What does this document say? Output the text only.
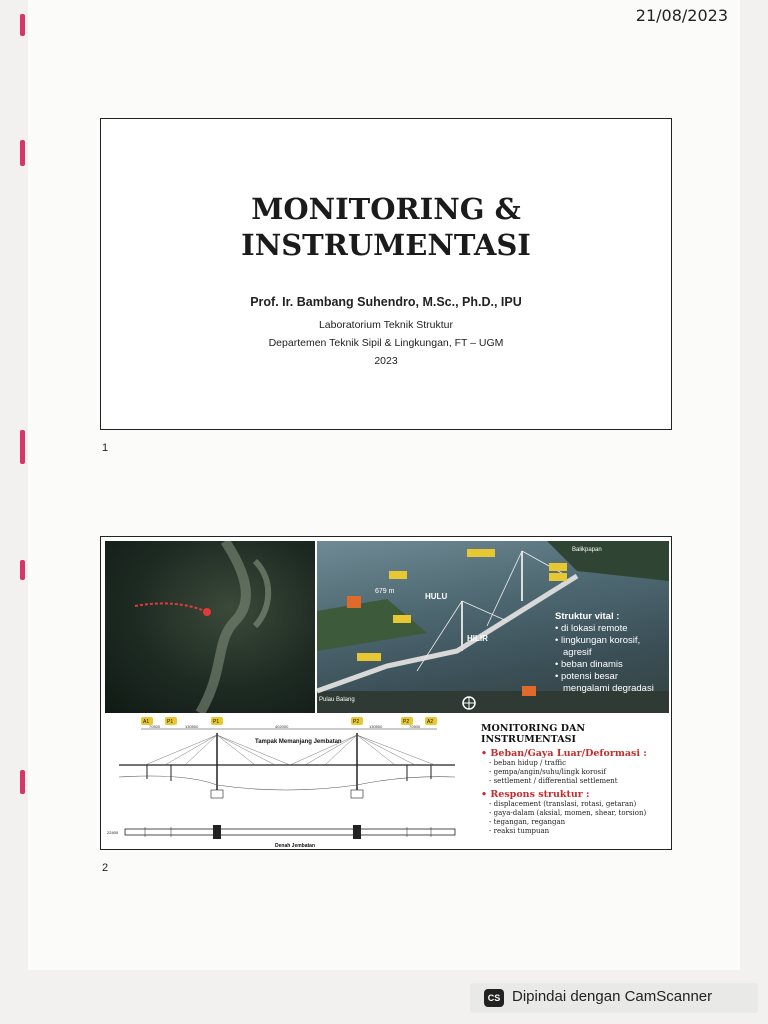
21/08/2023
MONITORING &
INSTRUMENTASI
Prof. Ir. Bambang Suhendro, M.Sc., Ph.D., IPU
Laboratorium Teknik Struktur
Departemen Teknik Sipil & Lingkungan, FT – UGM
2023
1
679 m
HULU
HILIR
Balikpapan
Pulau Balang
Struktur vital :
• di lokasi remote
• lingkungan korosif,
agresif
• beban dinamis
• potensi besar
mengalami degradasi
A1	P1	P1	P2	P2	A2
70500	130500	402000	130500	70500
Tampak Memanjang Jembatan
22400
Denah Jembatan
MONITORING DAN INSTRUMENTASI
• Beban/Gaya Luar/Deformasi :
- beban hidup / traffic
- gempa/angin/suhu/lingk korosif
- settlement / differential settlement
• Respons struktur :
- displacement (translasi, rotasi, getaran)
- gaya-dalam (aksial, momen, shear, torsion)
- tegangan, regangan
- reaksi tumpuan
2
CS Dipindai dengan CamScanner
